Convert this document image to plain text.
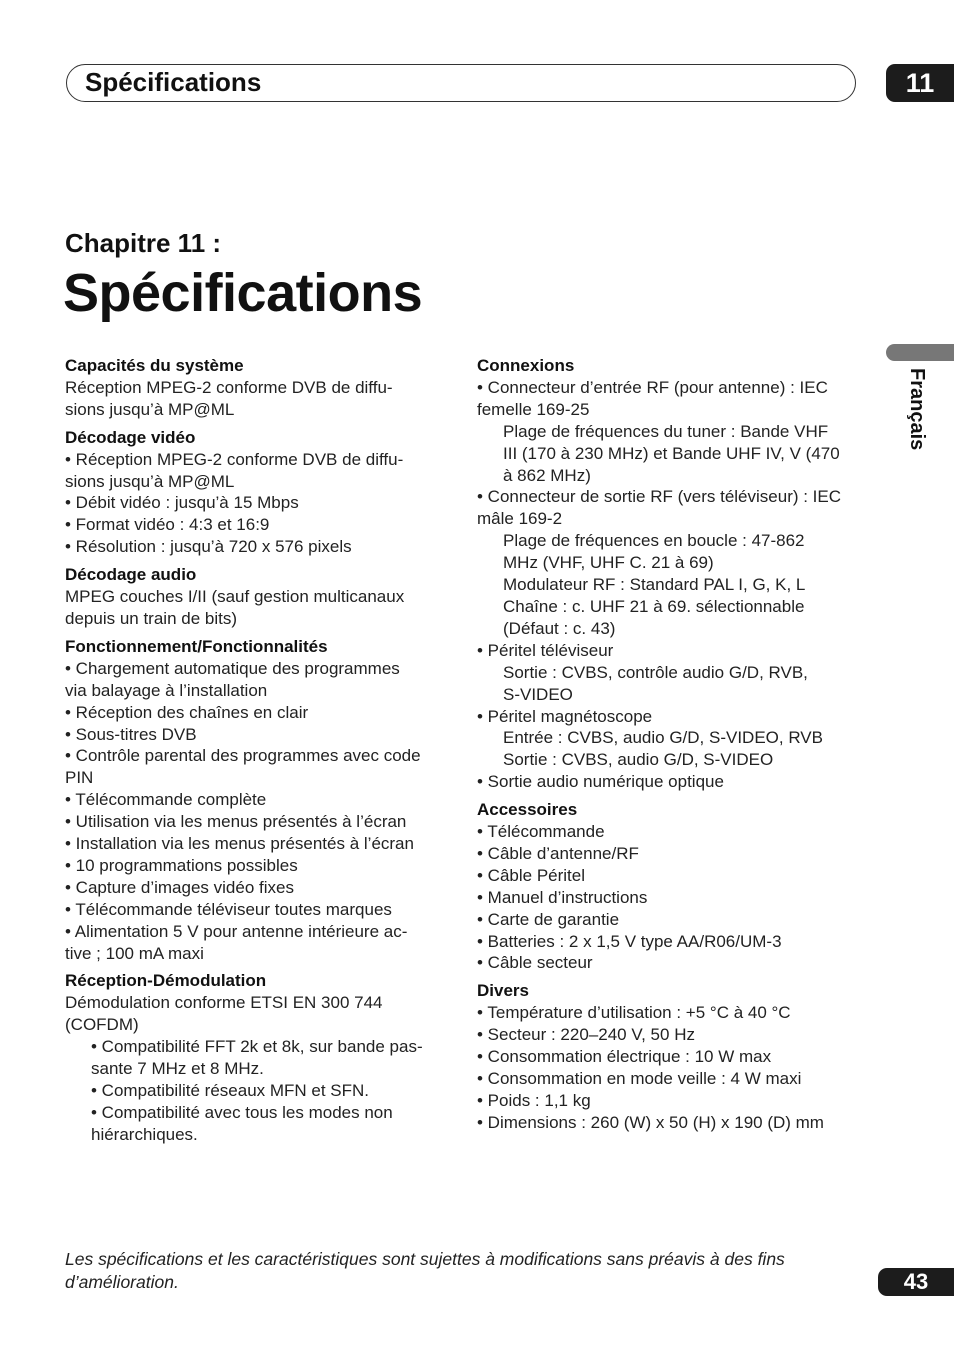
Spécifications	11
Chapitre 11 :
Spécifications
Français
Capacités du système
Réception MPEG-2 conforme DVB de diffu-
sions jusqu’à MP@ML
Décodage vidéo
• Réception MPEG-2 conforme DVB de diffu-
sions jusqu’à MP@ML
• Débit vidéo : jusqu’à 15 Mbps
• Format vidéo : 4:3 et 16:9
• Résolution : jusqu’à 720 x 576 pixels
Décodage audio
MPEG couches I/II (sauf gestion multicanaux
depuis un train de bits)
Fonctionnement/Fonctionnalités
• Chargement automatique des programmes
via balayage à l’installation
• Réception des chaînes en clair
• Sous-titres DVB
• Contrôle parental des programmes avec code
PIN
• Télécommande complète
• Utilisation via les menus présentés à l’écran
• Installation via les menus présentés à l’écran
• 10 programmations possibles
• Capture d’images vidéo fixes
• Télécommande téléviseur toutes marques
• Alimentation 5 V pour antenne intérieure ac-
tive ; 100 mA maxi
Réception-Démodulation
Démodulation conforme ETSI EN 300 744
(COFDM)
• Compatibilité FFT 2k et 8k, sur bande pas-
sante 7 MHz et 8 MHz.
• Compatibilité réseaux MFN et SFN.
• Compatibilité avec tous les modes non
hiérarchiques.
Connexions
• Connecteur d’entrée RF (pour antenne) : IEC
femelle 169-25
Plage de fréquences du tuner : Bande VHF
III (170 à 230 MHz) et Bande UHF IV, V (470
à 862 MHz)
• Connecteur de sortie RF (vers téléviseur) : IEC
mâle 169-2
Plage de fréquences en boucle : 47-862
MHz (VHF, UHF C. 21 à 69)
Modulateur RF : Standard PAL I, G, K, L
Chaîne : c. UHF 21 à 69. sélectionnable
(Défaut : c. 43)
• Péritel téléviseur
Sortie : CVBS, contrôle audio G/D, RVB,
S-VIDEO
• Péritel magnétoscope
Entrée : CVBS, audio G/D, S-VIDEO, RVB
Sortie : CVBS, audio G/D, S-VIDEO
• Sortie audio numérique optique
Accessoires
• Télécommande
• Câble d’antenne/RF
• Câble Péritel
• Manuel d’instructions
• Carte de garantie
• Batteries : 2 x 1,5 V type AA/R06/UM-3
• Câble secteur
Divers
• Température d’utilisation : +5 °C à 40 °C
• Secteur : 220–240 V, 50 Hz
• Consommation électrique : 10 W max
• Consommation en mode veille : 4 W maxi
• Poids : 1,1 kg
• Dimensions : 260 (W) x 50 (H) x 190 (D) mm
Les spécifications et les caractéristiques sont sujettes à modifications sans préavis à des fins
d’amélioration.	43
